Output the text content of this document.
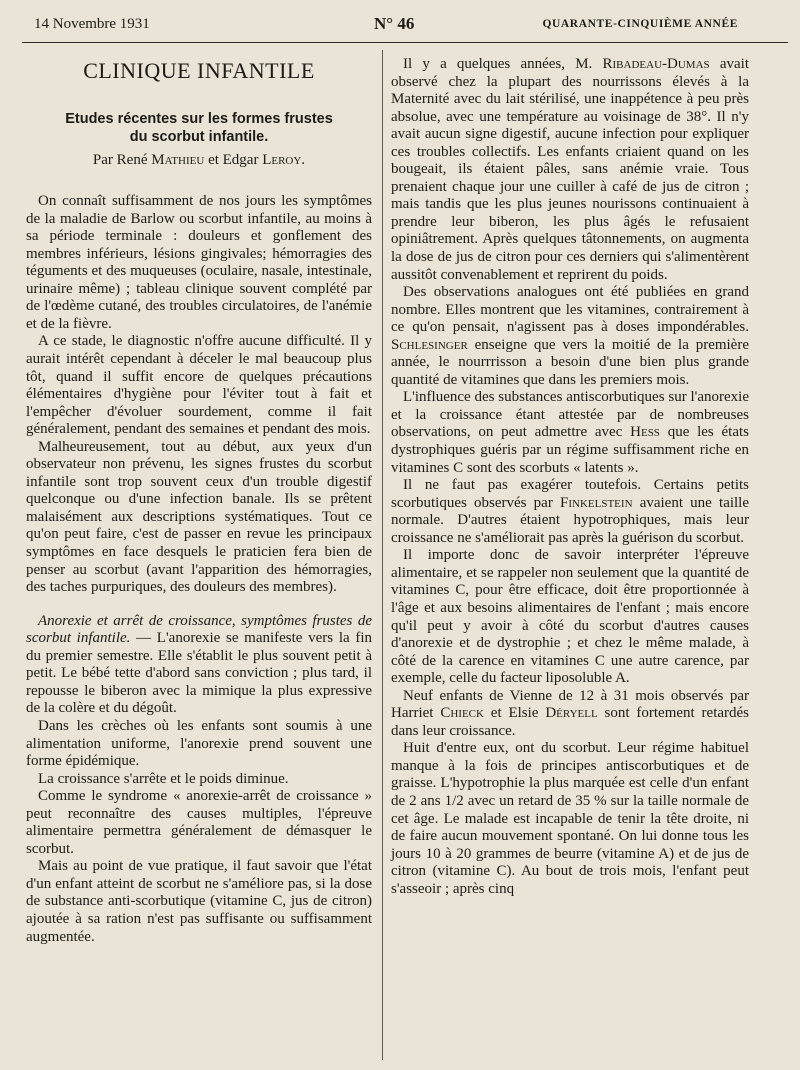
14 Novembre 1931	N° 46	QUARANTE-CINQUIÈME ANNÉE
CLINIQUE INFANTILE
Etudes récentes sur les formes frustes
du scorbut infantile.
Par René Mathieu et Edgar Leroy.

On connaît suffisamment de nos jours les symptômes de la maladie de Barlow ou scorbut infantile, au moins à sa période terminale : douleurs et gonflement des membres inférieurs, lésions gingivales; hémorragies des téguments et des muqueuses (oculaire, nasale, intestinale, urinaire même) ; tableau clinique souvent complété par de l'œdème cutané, des troubles circulatoires, de l'anémie et de la fièvre.

A ce stade, le diagnostic n'offre aucune difficulté. Il y aurait intérêt cependant à déceler le mal beaucoup plus tôt, quand il suffit encore de quelques précautions élémentaires d'hygiène pour l'éviter tout à fait et l'empêcher d'évoluer sourdement, comme il fait généralement, pendant des semaines et pendant des mois.

Malheureusement, tout au début, aux yeux d'un observateur non prévenu, les signes frustes du scorbut infantile sont trop souvent ceux d'un trouble digestif quelconque ou d'une infection banale. Ils se prêtent malaisément aux descriptions systématiques. Tout ce qu'on peut faire, c'est de passer en revue les principaux symptômes en face desquels le praticien fera bien de penser au scorbut (avant l'apparition des hémorragies, des taches purpuriques, des douleurs des membres).

Anorexie et arrêt de croissance, symptômes frustes de scorbut infantile. — L'anorexie se manifeste vers la fin du premier semestre. Elle s'établit le plus souvent petit à petit. Le bébé tette d'abord sans conviction ; plus tard, il repousse le biberon avec la mimique la plus expressive de la colère et du dégoût.

Dans les crèches où les enfants sont soumis à une alimentation uniforme, l'anorexie prend souvent une forme épidémique.

La croissance s'arrête et le poids diminue.

Comme le syndrome « anorexie-arrêt de croissance » peut reconnaître des causes multiples, l'épreuve alimentaire permettra généralement de démasquer le scorbut.

Mais au point de vue pratique, il faut savoir que l'état d'un enfant atteint de scorbut ne s'améliore pas, si la dose de substance anti-scorbutique (vitamine C, jus de citron) ajoutée à sa ration n'est pas suffisante ou suffisamment augmentée.

Il y a quelques années, M. Ribadeau-Dumas avait observé chez la plupart des nourrissons élevés à la Maternité avec du lait stérilisé, une inappétence à peu près absolue, avec une température au voisinage de 38°. Il n'y avait aucun signe digestif, aucune infection pour expliquer ces troubles collectifs. Les enfants criaient quand on les bougeait, ils étaient pâles, sans anémie vraie. Tous prenaient chaque jour une cuiller à café de jus de citron ; mais tandis que les plus jeunes nourissons continuaient à prendre leur biberon, les plus âgés le refusaient opiniâtrement. Après quelques tâtonnements, on augmenta la dose de jus de citron pour ces derniers qui s'alimentèrent aussitôt convenablement et reprirent du poids.

Des observations analogues ont été publiées en grand nombre. Elles montrent que les vitamines, contrairement à ce qu'on pensait, n'agissent pas à doses impondérables. Schlesinger enseigne que vers la moitié de la première année, le nourrrisson a besoin d'une bien plus grande quantité de vitamines que dans les premiers mois.

L'influence des substances antiscorbutiques sur l'anorexie et la croissance étant attestée par de nombreuses observations, on peut admettre avec Hess que les états dystrophiques guéris par un régime suffisamment riche en vitamines C sont des scorbuts « latents ».

Il ne faut pas exagérer toutefois. Certains petits scorbutiques observés par Finkelstein avaient une taille normale. D'autres étaient hypotrophiques, mais leur croissance ne s'améliorait pas après la guérison du scorbut.

Il importe donc de savoir interpréter l'épreuve alimentaire, et se rappeler non seulement que la quantité de vitamines C, pour être efficace, doit être proportionnée à l'âge et aux besoins alimentaires de l'enfant ; mais encore qu'il peut y avoir à côté du scorbut d'autres causes d'anorexie et de dystrophie ; et chez le même malade, à côté de la carence en vitamines C une autre carence, par exemple, celle du facteur liposoluble A.

Neuf enfants de Vienne de 12 à 31 mois observés par Harriet Chieck et Elsie Déryell sont fortement retardés dans leur croissance.

Huit d'entre eux, ont du scorbut. Leur régime habituel manque à la fois de principes antiscorbutiques et de graisse. L'hypotrophie la plus marquée est celle d'un enfant de 2 ans 1/2 avec un retard de 35 % sur la taille normale de cet âge. Le malade est incapable de tenir la tête droite, ni de faire aucun mouvement spontané. On lui donne tous les jours 10 à 20 grammes de beurre (vitamine A) et de jus de citron (vitamine C). Au bout de trois mois, l'enfant peut s'asseoir ; après cinq
